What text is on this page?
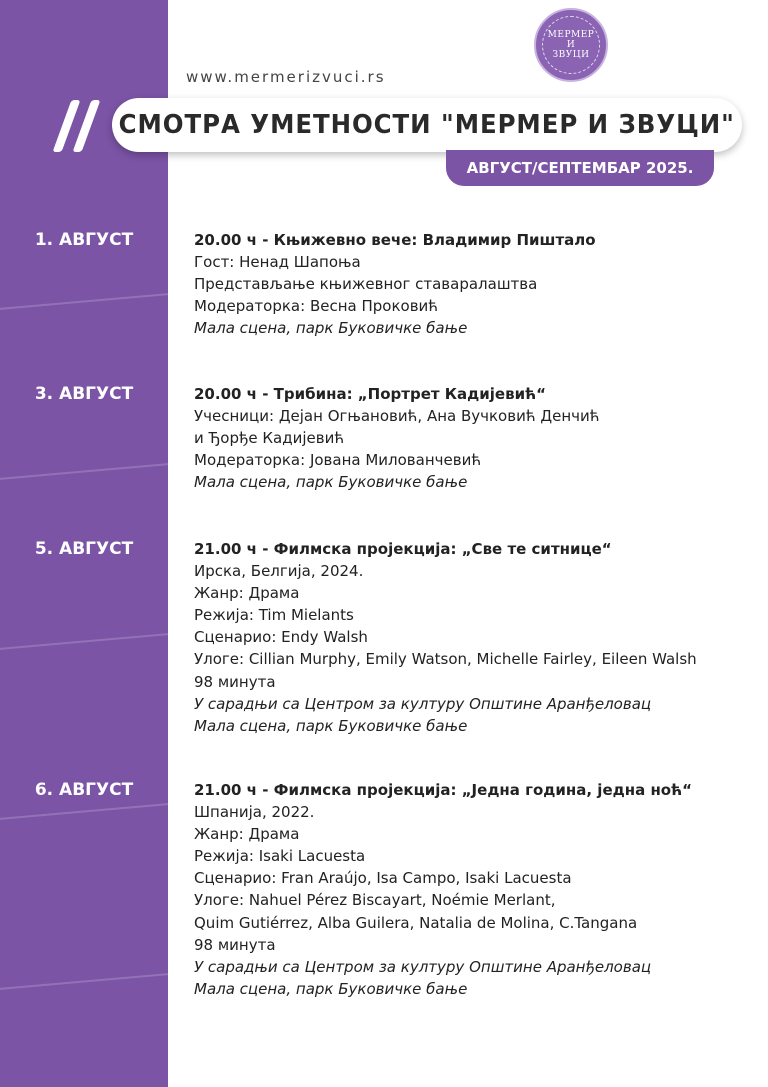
МЕРМЕР
И
ЗВУЦИ
www.mermerizvuci.rs
СМОТРА УМЕТНОСТИ "МЕРМЕР И ЗВУЦИ"
АВГУСТ/СЕПТЕМБАР 2025.
1. АВГУСТ	20.00 ч - Књижевно вече: Владимир Пиштало
Гост: Ненад Шапоња
Представљање књижевног ставаралаштва
Модераторка: Весна Проковић
Мала сцена, парк Буковичке бање
3. АВГУСТ	20.00 ч - Трибина: „Портрет Кадијевић“
Учесници: Дејан Огњановић, Ана Вучковић Денчић
и Ђорђе Кадијевић
Модераторка: Јована Милованчевић
Мала сцена, парк Буковичке бање
5. АВГУСТ	21.00 ч - Филмска пројекција: „Све те ситнице“
Ирска, Белгија, 2024.
Жанр: Драма
Режија: Tim Mielants
Сценарио: Endy Walsh
Улоге: Cillian Murphy, Emily Watson, Michelle Fairley, Eileen Walsh
98 минута
У сарадњи са Центром за културу Општине Аранђеловац
Мала сцена, парк Буковичке бање
6. АВГУСТ	21.00 ч - Филмска пројекција: „Једна година, једна ноћ“
Шпанија, 2022.
Жанр: Драма
Режија: Isaki Lacuesta
Сценарио: Fran Araújo, Isa Campo, Isaki Lacuesta
Улоге: Nahuel Pérez Biscayart, Noémie Merlant,
Quim Gutiérrez, Alba Guilera, Natalia de Molina, C.Tangana
98 минута
У сарадњи са Центром за културу Општине Аранђеловац
Мала сцена, парк Буковичке бање
